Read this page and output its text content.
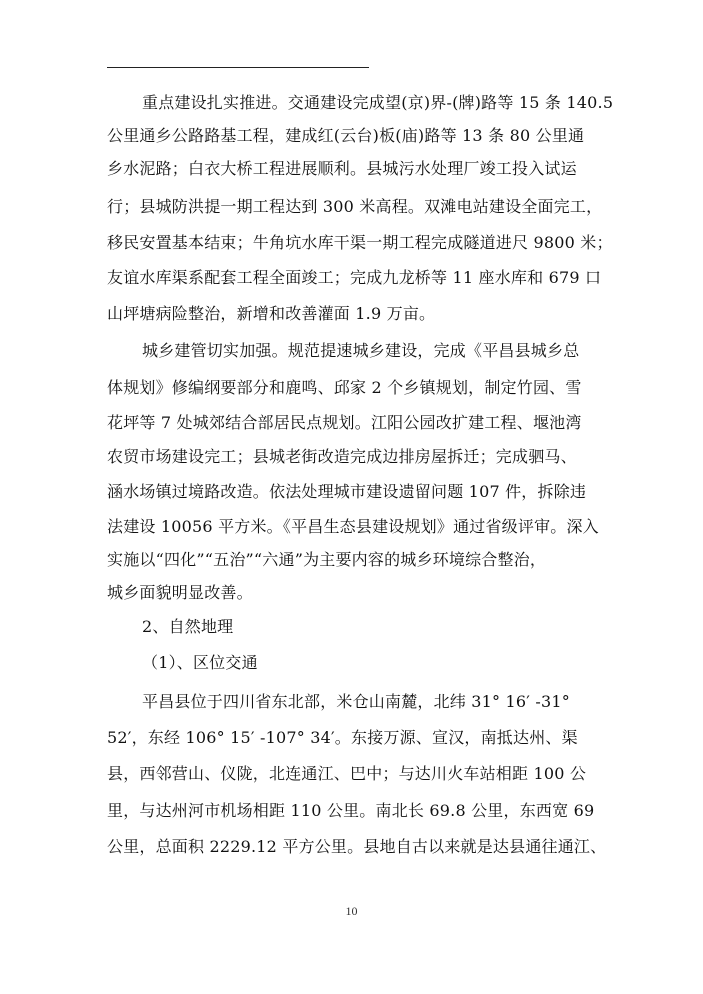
重点建设扎实推进。交通建设完成望(京)界-(牌)路等 15 条 140.5
公里通乡公路路基工程，建成红(云台)板(庙)路等 13 条 80 公里通
乡水泥路；白衣大桥工程进展顺利。县城污水处理厂竣工投入试运
行；县城防洪提一期工程达到 300 米高程。双滩电站建设全面完工，
移民安置基本结束；牛角坑水库干渠一期工程完成隧道进尺 9800 米；
友谊水库渠系配套工程全面竣工；完成九龙桥等 11 座水库和 679 口
山坪塘病险整治，新增和改善灌面 1.9 万亩。
城乡建管切实加强。规范提速城乡建设，完成《平昌县城乡总
体规划》修编纲要部分和鹿鸣、邱家 2 个乡镇规划，制定竹园、雪
花坪等 7 处城郊结合部居民点规划。江阳公园改扩建工程、堰池湾
农贸市场建设完工；县城老街改造完成边排房屋拆迁；完成驷马、
涵水场镇过境路改造。依法处理城市建设遗留问题 107 件，拆除违
法建设 10056 平方米。《平昌生态县建设规划》通过省级评审。深入
实施以“四化”“五治”“六通”为主要内容的城乡环境综合整治，
城乡面貌明显改善。
2、自然地理
（1）、区位交通
平昌县位于四川省东北部，米仓山南麓，北纬 31° 16′ -31°
52′，东经 106° 15′ -107° 34′。东接万源、宣汉，南抵达州、渠
县，西邻营山、仪陇，北连通江、巴中；与达川火车站相距 100 公
里，与达州河市机场相距 110 公里。南北长 69.8 公里，东西宽 69
公里，总面积 2229.12 平方公里。县地自古以来就是达县通往通江、
10
